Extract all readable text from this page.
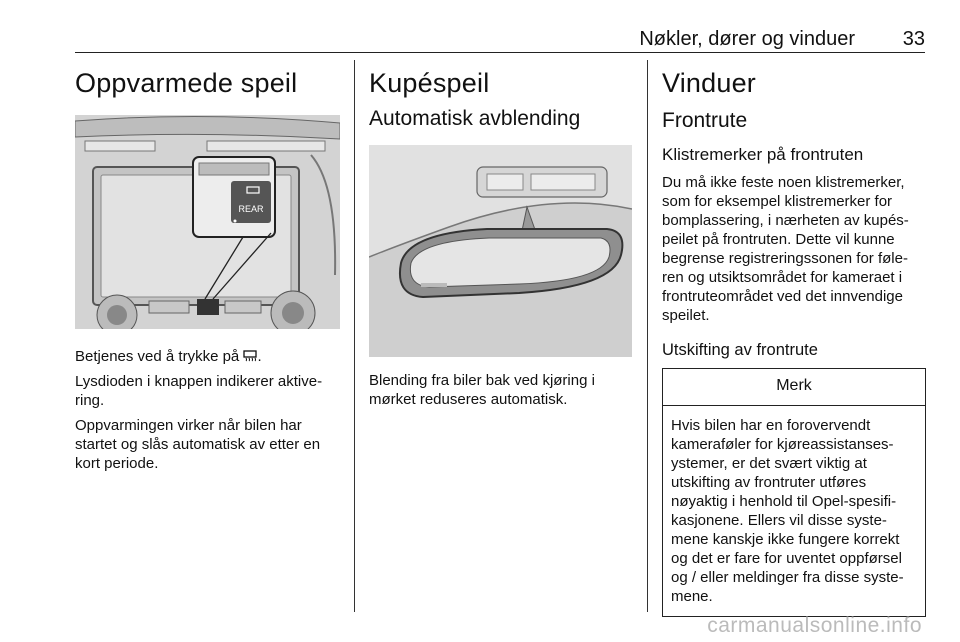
Nøkler, dører og vinduer 33
Oppvarmede speil
REAR

Betjenes ved å trykke på .

Lysdioden i knappen indikerer aktive-ring.

Oppvarmingen virker når bilen har startet og slås automatisk av etter en kort periode.

Kupéspeil
Automatisk avblending

Blending fra biler bak ved kjøring i mørket reduseres automatisk.

Vinduer
Frontrute
Klistremerker på frontruten

Du må ikke feste noen klistremerker, som for eksempel klistremerker for bomplassering, i nærheten av kupés-peilet på frontruten. Dette vil kunne begrense registreringssonen for føle-ren og utsiktsområdet for kameraet i frontruteområdet ved det innvendige speilet.

Utskifting av frontrute
Merk
Hvis bilen har en forovervendt kameraføler for kjøreassistanses-ystemer, er det svært viktig at utskifting av frontruter utføres nøyaktig i henhold til Opel-spesifi-kasjonene. Ellers vil disse syste-mene kanskje ikke fungere korrekt og det er fare for uventet oppførsel og / eller meldinger fra disse syste-mene.
carmanualsonline.info
